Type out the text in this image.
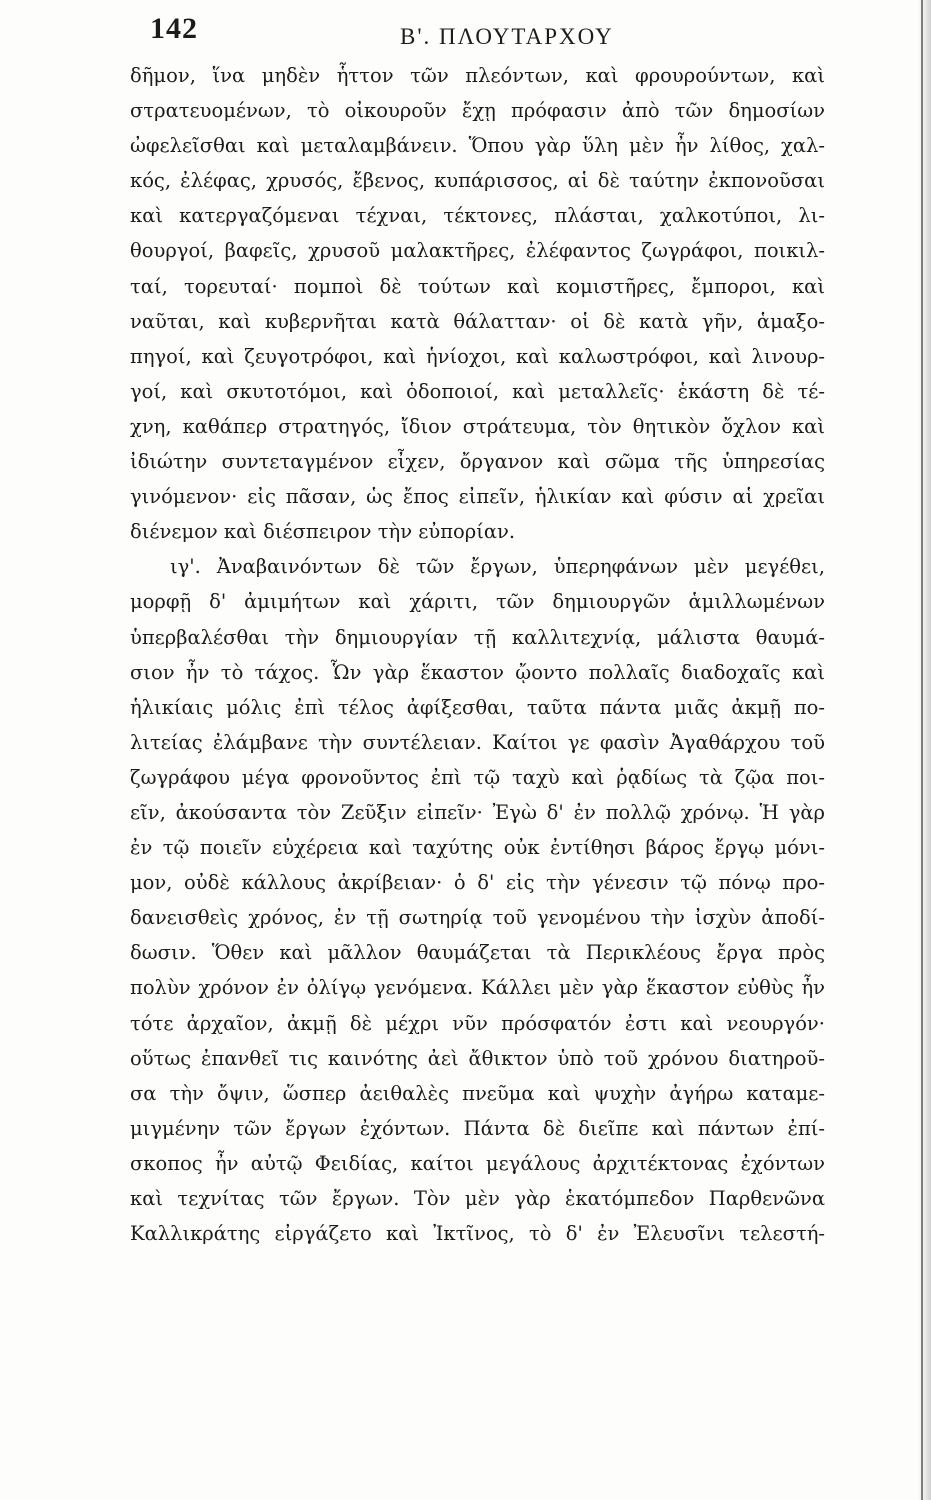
142	Β'. ΠΛΟΥΤΑΡΧΟΥ
δῆμον, ἵνα μηδὲν ἧττον τῶν πλεόντων, καὶ φρουρούντων, καὶ
στρατευομένων, τὸ οἰκουροῦν ἔχῃ πρόφασιν ἀπὸ τῶν δημοσίων
ὠφελεῖσθαι καὶ μεταλαμβάνειν. Ὅπου γὰρ ὕλη μὲν ἦν λίθος, χαλ-
κός, ἐλέφας, χρυσός, ἔβενος, κυπάρισσος, αἱ δὲ ταύτην ἐκπονοῦσαι
καὶ κατεργαζόμεναι τέχναι, τέκτονες, πλάσται, χαλκοτύποι, λι-
θουργοί, βαφεῖς, χρυσοῦ μαλακτῆρες, ἐλέφαντος ζωγράφοι, ποικιλ-
ταί, τορευταί· πομποὶ δὲ τούτων καὶ κομιστῆρες, ἔμποροι, καὶ
ναῦται, καὶ κυβερνῆται κατὰ θάλατταν· οἱ δὲ κατὰ γῆν, ἁμαξο-
πηγοί, καὶ ζευγοτρόφοι, καὶ ἡνίοχοι, καὶ καλωστρόφοι, καὶ λινουρ-
γοί, καὶ σκυτοτόμοι, καὶ ὁδοποιοί, καὶ μεταλλεῖς· ἑκάστη δὲ τέ-
χνη, καθάπερ στρατηγός, ἴδιον στράτευμα, τὸν θητικὸν ὄχλον καὶ
ἰδιώτην συντεταγμένον εἶχεν, ὄργανον καὶ σῶμα τῆς ὑπηρεσίας
γινόμενον· εἰς πᾶσαν, ὡς ἔπος εἰπεῖν, ἡλικίαν καὶ φύσιν αἱ χρεῖαι
διένεμον καὶ διέσπειρον τὴν εὐπορίαν.
ιγ'. Ἀναβαινόντων δὲ τῶν ἔργων, ὑπερηφάνων μὲν μεγέθει,
μορφῇ δ' ἀμιμήτων καὶ χάριτι, τῶν δημιουργῶν ἁμιλλωμένων
ὑπερβαλέσθαι τὴν δημιουργίαν τῇ καλλιτεχνίᾳ, μάλιστα θαυμά-
σιον ἦν τὸ τάχος. Ὧν γὰρ ἕκαστον ᾤοντο πολλαῖς διαδοχαῖς καὶ
ἡλικίαις μόλις ἐπὶ τέλος ἀφίξεσθαι, ταῦτα πάντα μιᾶς ἀκμῇ πο-
λιτείας ἐλάμβανε τὴν συντέλειαν. Καίτοι γε φασὶν Ἀγαθάρχου τοῦ
ζωγράφου μέγα φρονοῦντος ἐπὶ τῷ ταχὺ καὶ ῥᾳδίως τὰ ζῷα ποι-
εῖν, ἀκούσαντα τὸν Ζεῦξιν εἰπεῖν· Ἐγὼ δ' ἐν πολλῷ χρόνῳ. Ἡ γὰρ
ἐν τῷ ποιεῖν εὐχέρεια καὶ ταχύτης οὐκ ἐντίθησι βάρος ἔργῳ μόνι-
μον, οὐδὲ κάλλους ἀκρίβειαν· ὁ δ' εἰς τὴν γένεσιν τῷ πόνῳ προ-
δανεισθεὶς χρόνος, ἐν τῇ σωτηρίᾳ τοῦ γενομένου τὴν ἰσχὺν ἀποδί-
δωσιν. Ὅθεν καὶ μᾶλλον θαυμάζεται τὰ Περικλέους ἔργα πρὸς
πολὺν χρόνον ἐν ὀλίγῳ γενόμενα. Κάλλει μὲν γὰρ ἕκαστον εὐθὺς ἦν
τότε ἀρχαῖον, ἀκμῇ δὲ μέχρι νῦν πρόσφατόν ἐστι καὶ νεουργόν·
οὕτως ἐπανθεῖ τις καινότης ἀεὶ ἄθικτον ὑπὸ τοῦ χρόνου διατηροῦ-
σα τὴν ὄψιν, ὥσπερ ἀειθαλὲς πνεῦμα καὶ ψυχὴν ἀγήρω καταμε-
μιγμένην τῶν ἔργων ἐχόντων. Πάντα δὲ διεῖπε καὶ πάντων ἐπί-
σκοπος ἦν αὐτῷ Φειδίας, καίτοι μεγάλους ἀρχιτέκτονας ἐχόντων
καὶ τεχνίτας τῶν ἔργων. Τὸν μὲν γὰρ ἑκατόμπεδον Παρθενῶνα
Καλλικράτης εἰργάζετο καὶ Ἰκτῖνος, τὸ δ' ἐν Ἐλευσῖνι τελεστή-
